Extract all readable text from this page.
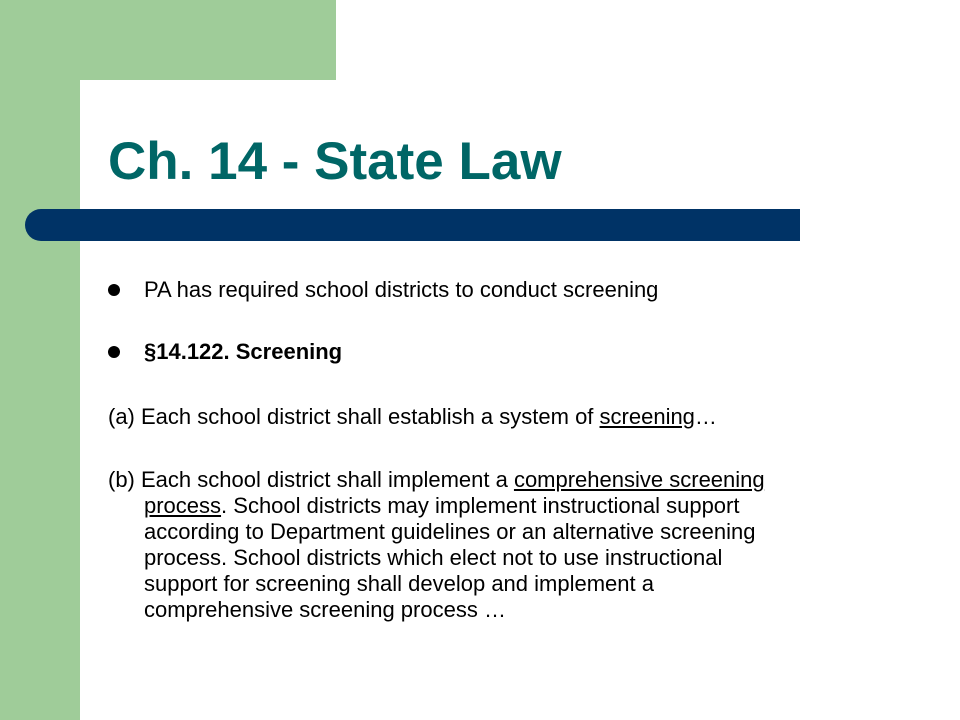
Ch. 14 - State Law
PA has required school districts to conduct screening
§14.122. Screening
(a) Each school district shall establish a system of screening…
(b) Each school district shall implement a comprehensive screening
process. School districts may implement instructional support
according to Department guidelines or an alternative screening
process. School districts which elect not to use instructional
support for screening shall develop and implement a
comprehensive screening process …
